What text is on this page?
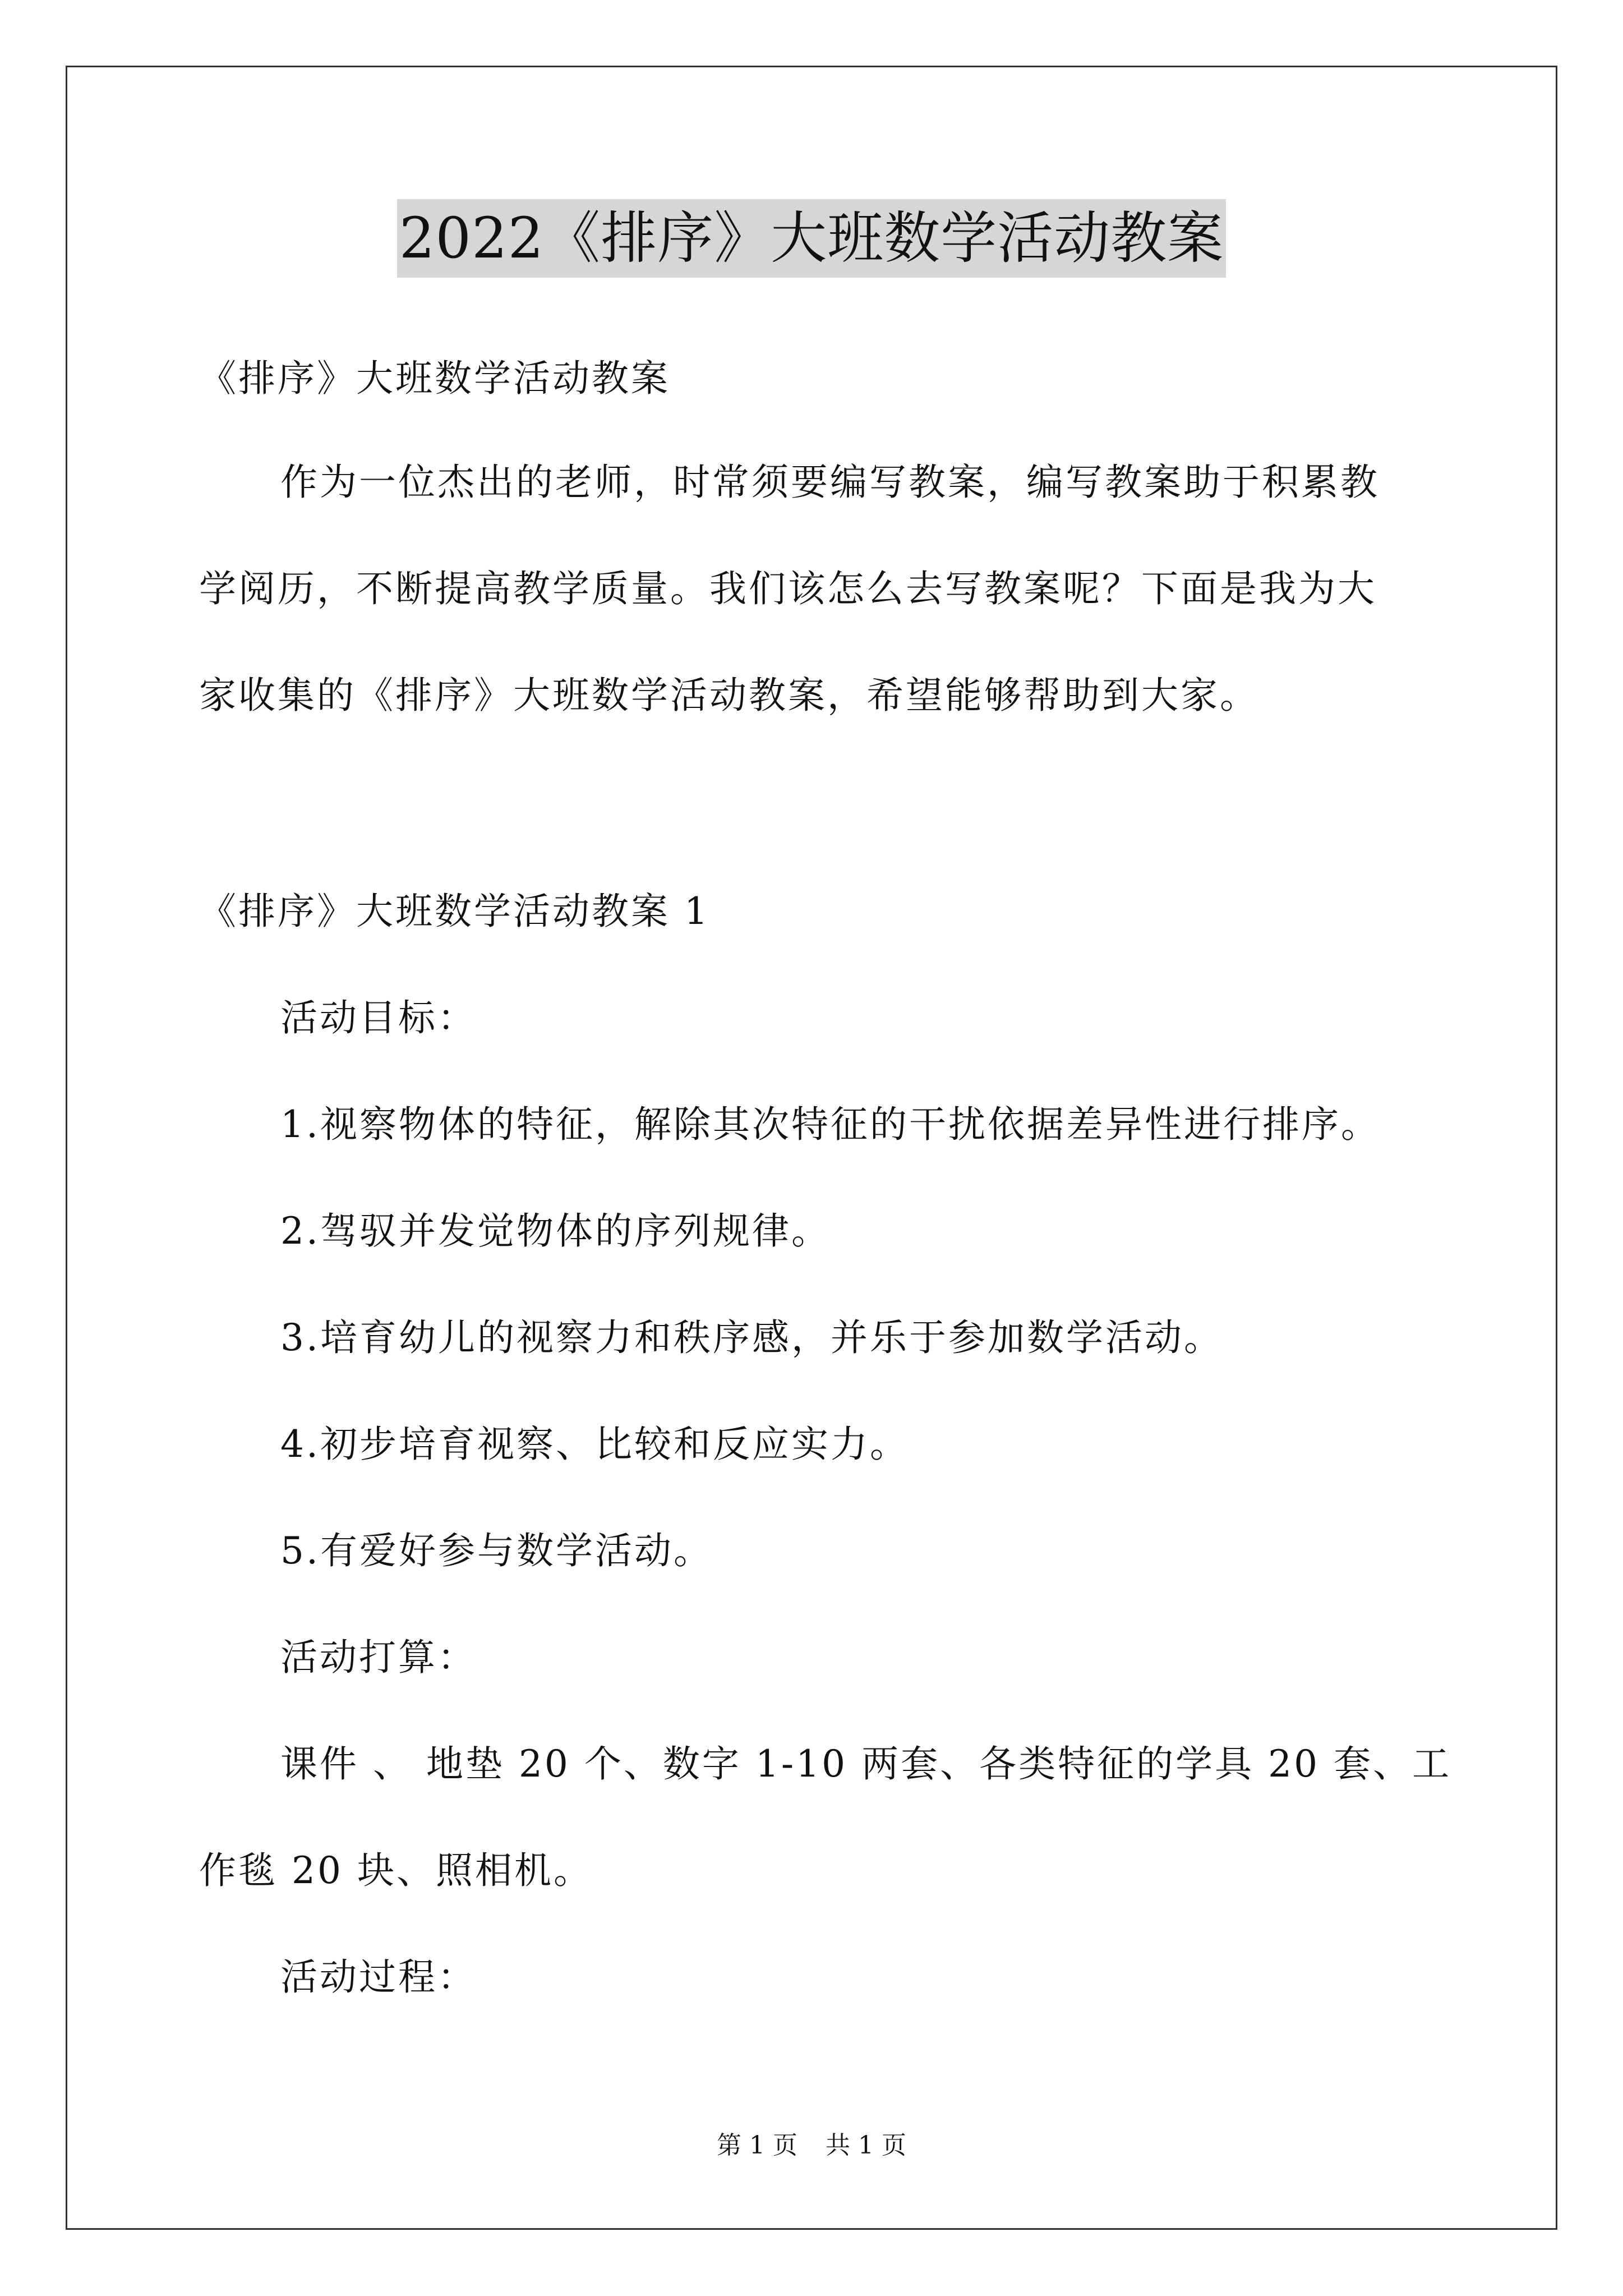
2022《排序》大班数学活动教案
《排序》大班数学活动教案
作为一位杰出的老师，时常须要编写教案，编写教案助于积累教
学阅历，不断提高教学质量。我们该怎么去写教案呢？下面是我为大
家收集的《排序》大班数学活动教案，希望能够帮助到大家。
《排序》大班数学活动教案 1
活动目标：
1.视察物体的特征，解除其次特征的干扰依据差异性进行排序。
2.驾驭并发觉物体的序列规律。
3.培育幼儿的视察力和秩序感，并乐于参加数学活动。
4.初步培育视察、比较和反应实力。
5.有爱好参与数学活动。
活动打算：
课件 、 地垫 20 个、数字 1-10 两套、各类特征的学具 20 套、工
作毯 20 块、照相机。
活动过程：
第 1 页 共 1 页
